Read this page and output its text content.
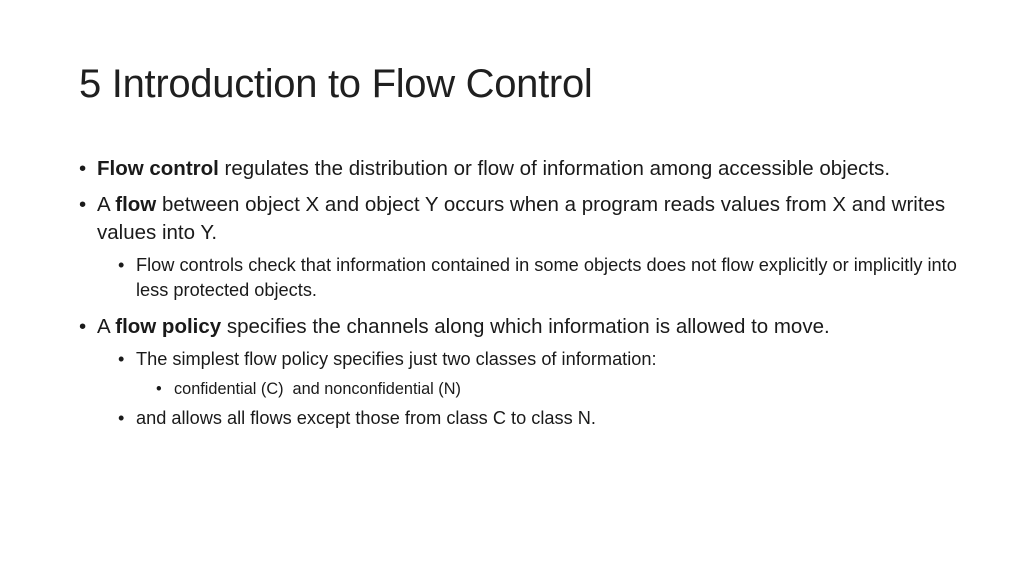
5 Introduction to Flow Control
• Flow control regulates the distribution or flow of information among accessible objects.
• A flow between object X and object Y occurs when a program reads values from X and writes values into Y.
• Flow controls check that information contained in some objects does not flow explicitly or implicitly into less protected objects.
• A flow policy specifies the channels along which information is allowed to move.
• The simplest flow policy specifies just two classes of information:
• confidential (C)  and nonconfidential (N)
• and allows all flows except those from class C to class N.
